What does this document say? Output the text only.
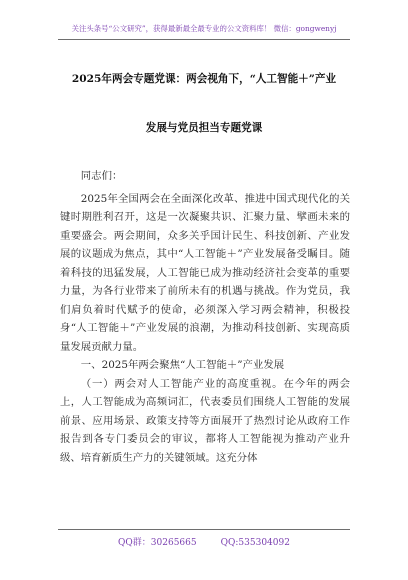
关注头条号“公文研究”，获得最新最全最专业的公文资料库！ 微信：gongwenyj
2025年两会专题党课：两会视角下，“人工智能＋”产业
发展与党员担当专题党课

同志们：

2025年全国两会在全面深化改革、推进中国式现代化的关键时期胜利召开，这是一次凝聚共识、汇聚力量、擘画未来的重要盛会。两会期间，众多关乎国计民生、科技创新、产业发展的议题成为焦点，其中“人工智能＋”产业发展备受瞩目。随着科技的迅猛发展，人工智能已成为推动经济社会变革的重要力量，为各行业带来了前所未有的机遇与挑战。作为党员，我们肩负着时代赋予的使命，必须深入学习两会精神，积极投身“人工智能＋”产业发展的浪潮，为推动科技创新、实现高质量发展贡献力量。

一、2025年两会聚焦“人工智能＋”产业发展

（一）两会对人工智能产业的高度重视。在今年的两会上，人工智能成为高频词汇，代表委员们围绕人工智能的发展前景、应用场景、政策支持等方面展开了热烈讨论从政府工作报告到各专门委员会的审议，都将人工智能视为推动产业升级、培育新质生产力的关键领域。这充分体

QQ群：30265665	QQ:535304092
